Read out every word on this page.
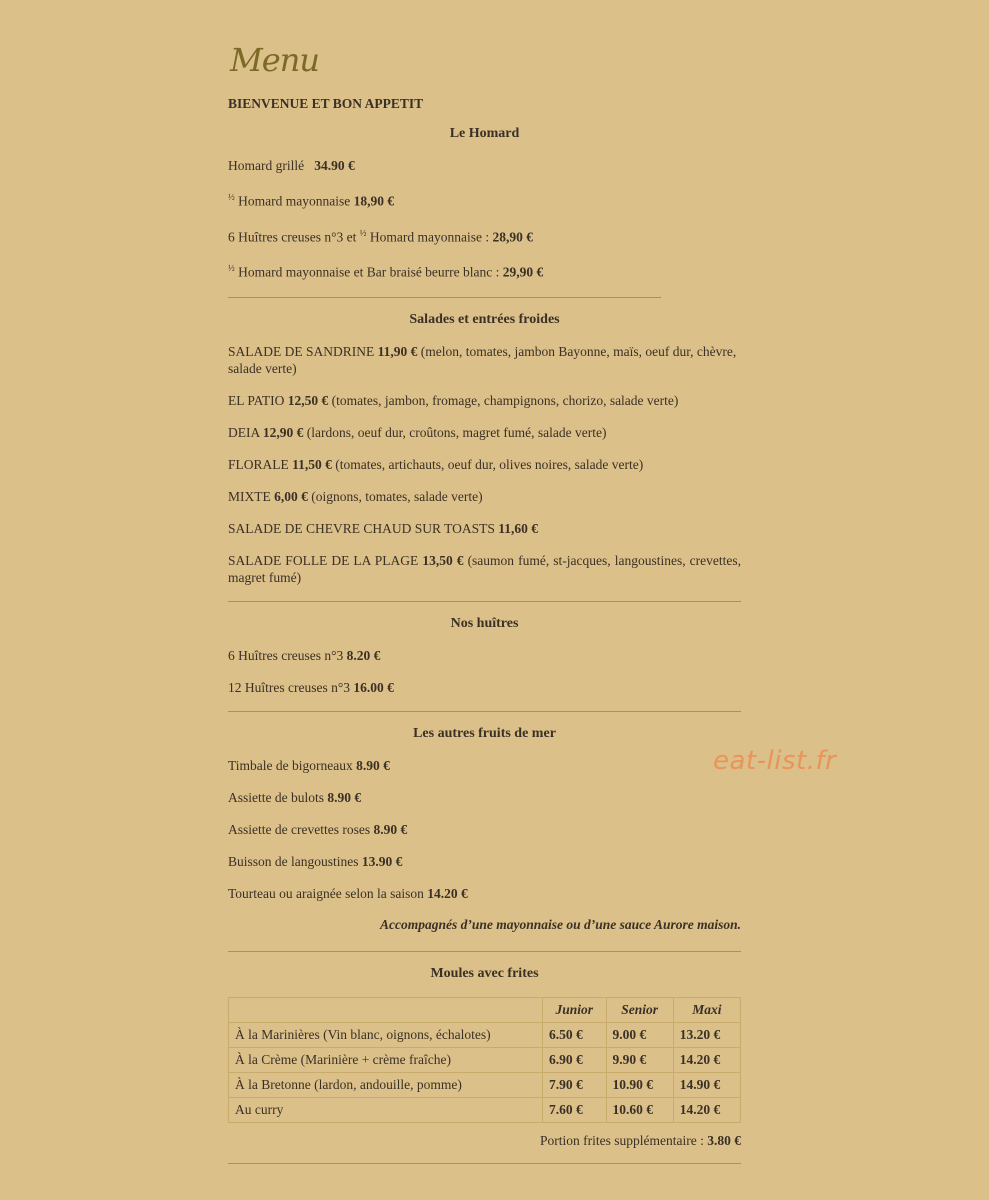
Menu
BIENVENUE ET BON APPETIT
Le Homard
Homard grillé 34.90 €
$^{\frac{1}{2}}$ Homard mayonnaise 18,90 €
6 Huîtres creuses n°3 et $^{\frac{1}{2}}$ Homard mayonnaise : 28,90 €
$^{\frac{1}{2}}$ Homard mayonnaise et Bar braisé beurre blanc : 29,90 €
Salades et entrées froides
SALADE DE SANDRINE 11,90 € (melon, tomates, jambon Bayonne, maïs, oeuf dur, chèvre, salade verte)
EL PATIO 12,50 € (tomates, jambon, fromage, champignons, chorizo, salade verte)
DEIA 12,90 € (lardons, oeuf dur, croûtons, magret fumé, salade verte)
FLORALE 11,50 € (tomates, artichauts, oeuf dur, olives noires, salade verte)
MIXTE 6,00 € (oignons, tomates, salade verte)
SALADE DE CHEVRE CHAUD SUR TOASTS 11,60 €
SALADE FOLLE DE LA PLAGE 13,50 € (saumon fumé, st-jacques, langoustines, crevettes, magret fumé)
Nos huîtres
6 Huîtres creuses n°3 8.20 €
12 Huîtres creuses n°3 16.00 €
Les autres fruits de mer
Timbale de bigorneaux 8.90 €
Assiette de bulots 8.90 €
Assiette de crevettes roses 8.90 €
Buisson de langoustines 13.90 €
Tourteau ou araignée selon la saison 14.20 €
Accompagnés d’une mayonnaise ou d’une sauce Aurore maison.
Moules avec frites
	Junior	Senior	Maxi
À la Marinières (Vin blanc, oignons, échalotes)	6.50 €	9.00 €	13.20 €
À la Crème (Marinière + crème fraîche)	6.90 €	9.90 €	14.20 €
À la Bretonne (lardon, andouille, pomme)	7.90 €	10.90 €	14.90 €
Au curry	7.60 €	10.60 €	14.20 €
Portion frites supplémentaire : 3.80 €
eat-list.fr
